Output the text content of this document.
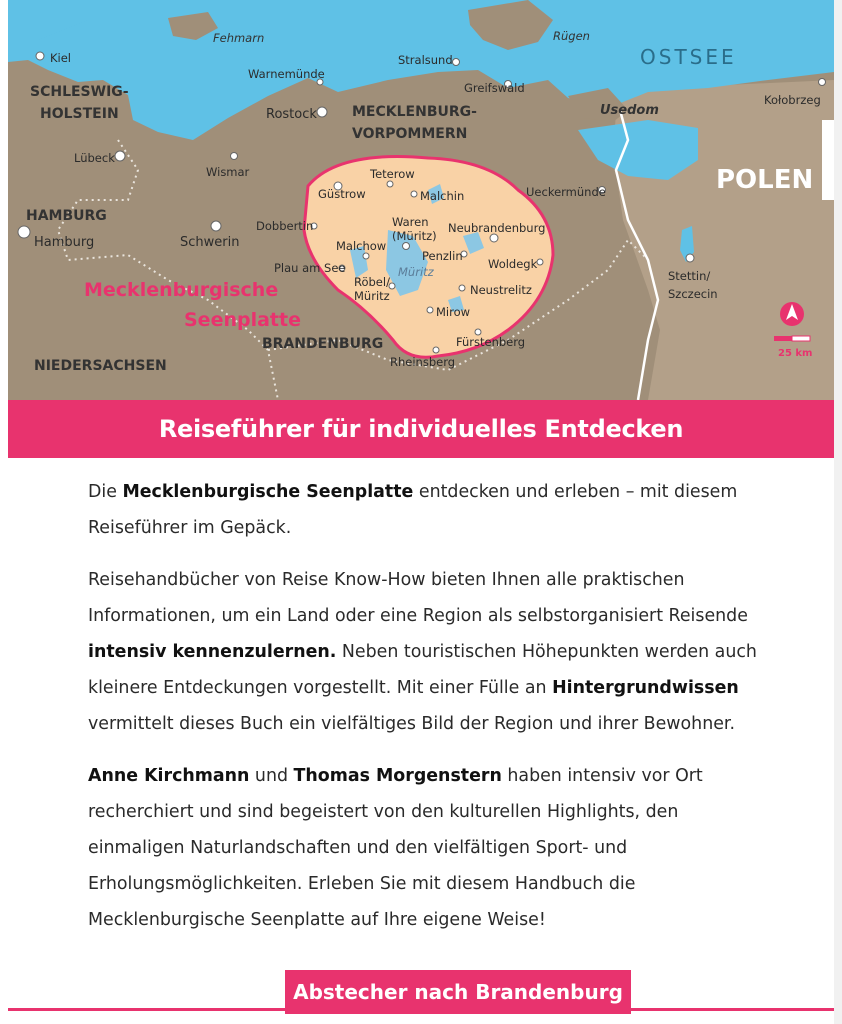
OSTSEE
Fehmarn	Rügen
Usedom
POLEN
SCHLESWIG-
HOLSTEIN	MECKLENBURG-
VORPOMMERN
HAMBURG
NIEDERSACHSEN
BRANDENBURG
Mecklenburgische
Seenplatte
Müritz
Kiel
Warnemünde
Stralsund
Greifswald
Kołobrzeg
Rostock
Lübeck
Wismar	Teterow
Güstrow	Malchin	Ueckermünde
Hamburg	Schwerin
Dobbertin	Waren
(Müritz)
Neubrandenburg
Malchow
Penzlin
Woldegk
Plau am See
Röbel/
Müritz	Neustrelitz
Stettin/
Szczecin
Mirow
Fürstenberg
Rheinsberg
25 km
Reiseführer für individuelles Entdecken

Die Mecklenburgische Seenplatte entdecken und erleben – mit diesem Reiseführer im Gepäck.

Reisehandbücher von Reise Know-How bieten Ihnen alle praktischen Informationen, um ein Land oder eine Region als selbstorganisiert Reisende intensiv kennenzulernen. Neben touristischen Höhepunkten werden auch kleinere Entdeckungen vorgestellt. Mit einer Fülle an Hintergrundwissen vermittelt dieses Buch ein vielfältiges Bild der Region und ihrer Bewohner.

Anne Kirchmann und Thomas Morgenstern haben intensiv vor Ort recherchiert und sind begeistert von den kulturellen Highlights, den einmaligen Naturlandschaften und den vielfältigen Sport- und Erholungsmöglichkeiten. Erleben Sie mit diesem Handbuch die Mecklenburgische Seenplatte auf Ihre eigene Weise!

Abstecher nach Brandenburg
